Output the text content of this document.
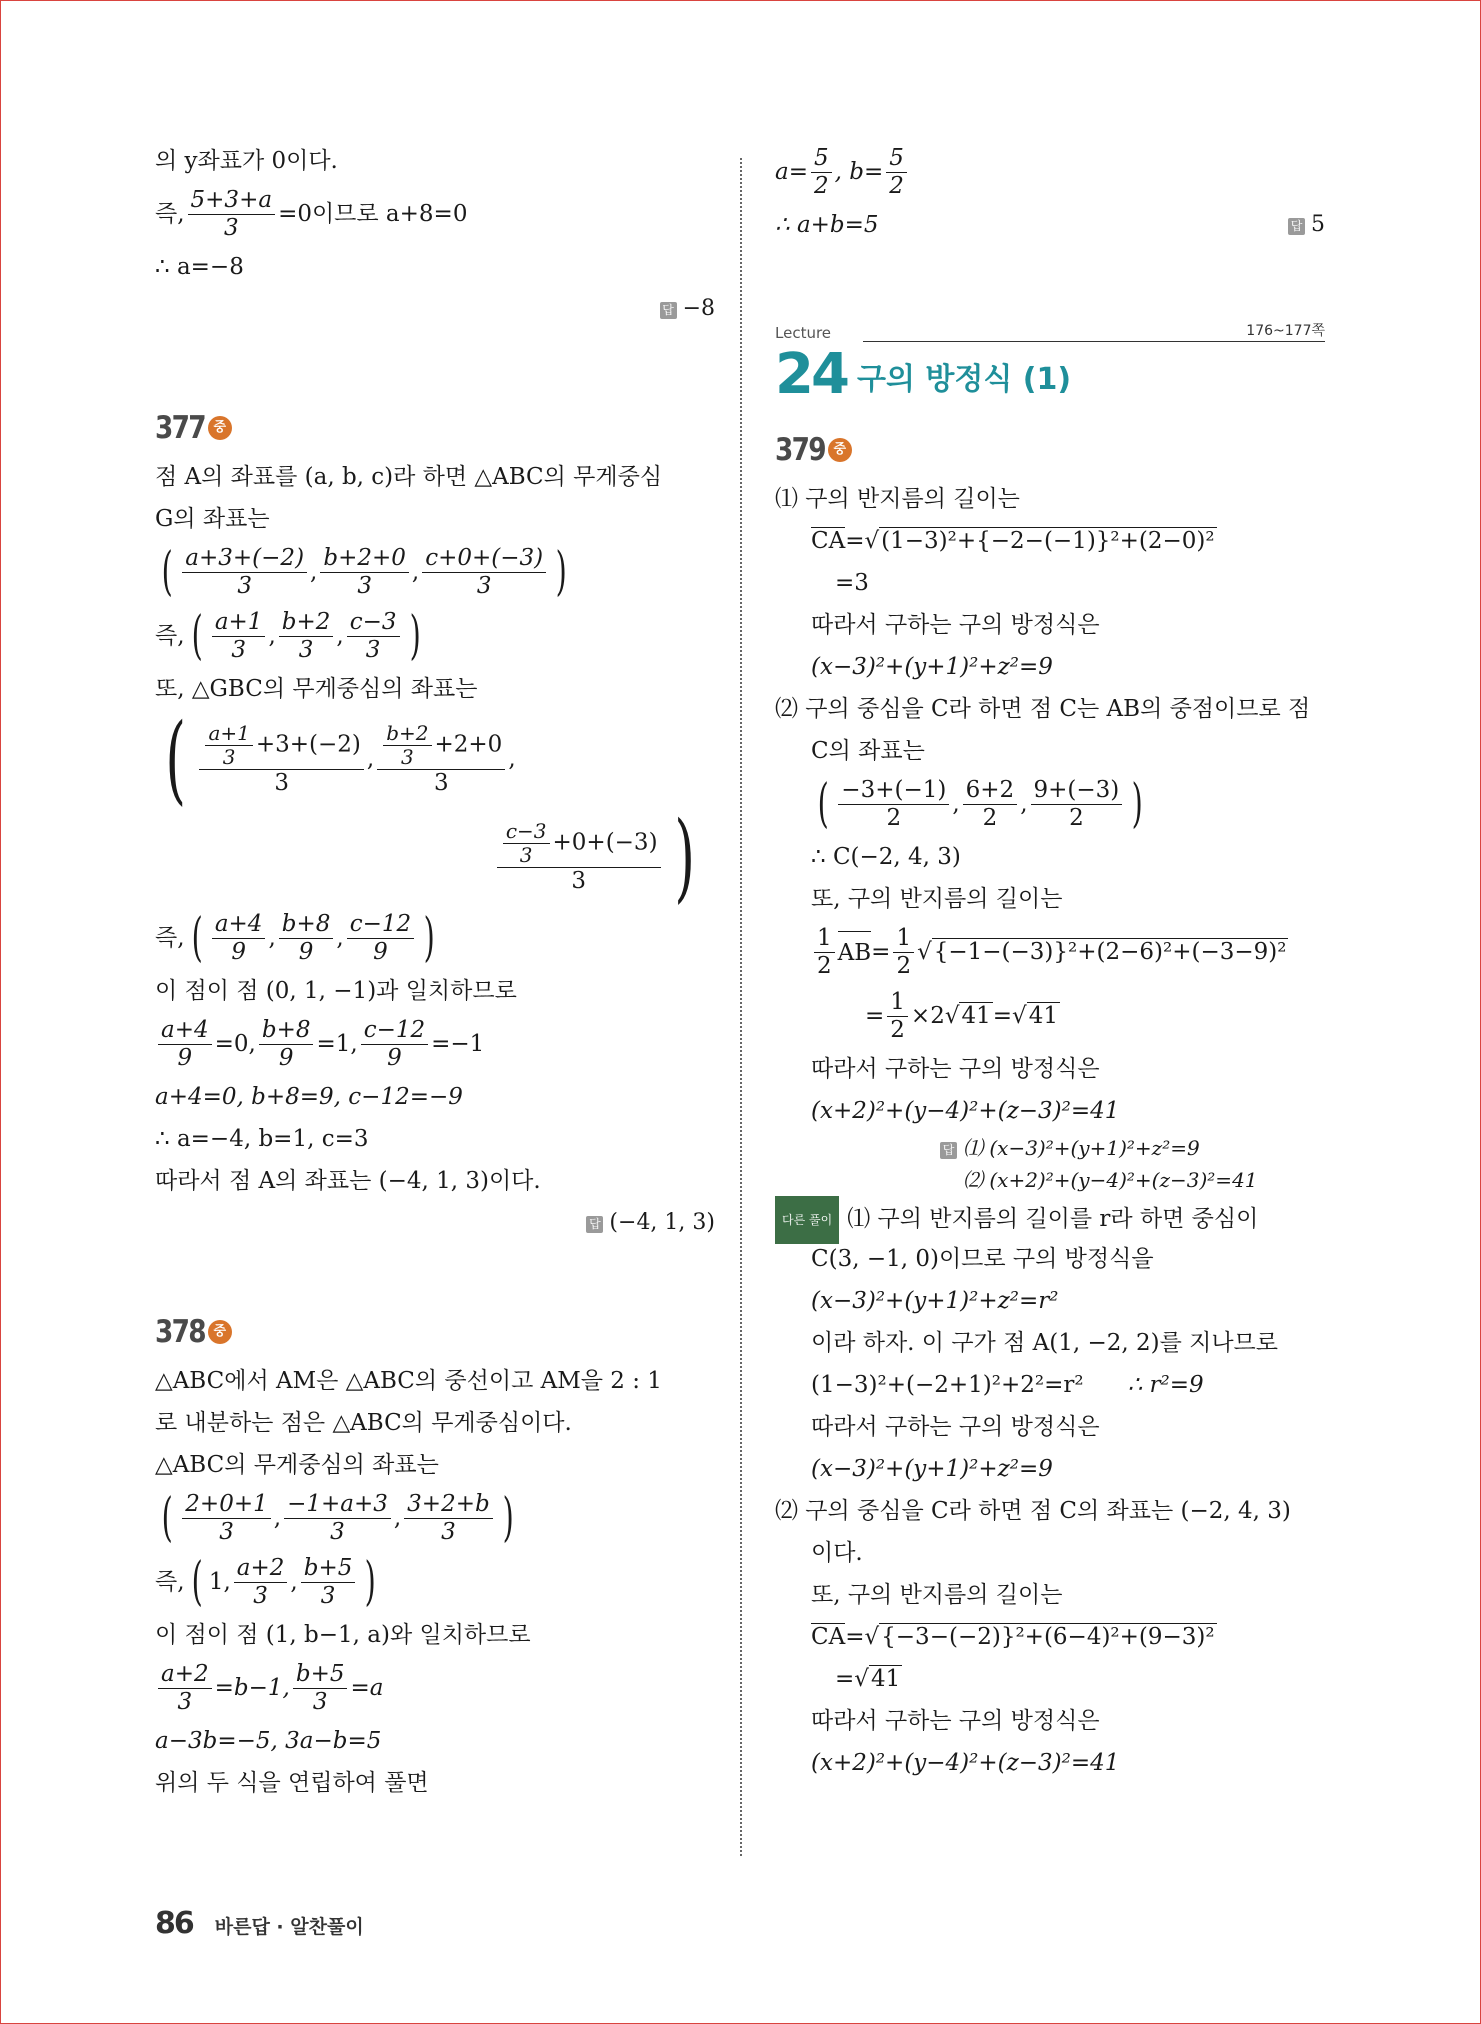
의 y좌표가 0이다.
즉, $\frac{5+3+a}{3} =0$이므로 a+8=0
∴ a=−8
답 −8
377 중
점 A의 좌표를 (a, b, c)라 하면 △ABC의 무게중심
G의 좌표는
( $\frac{a+3+(-2)}{3}$ , $\frac{b+2+0}{3}$ , $\frac{c+0+(-3)}{3}$ )
즉, ( $\frac{a+1}{3}$ , $\frac{b+2}{3}$ , $\frac{c-3}{3}$ )
또, △GBC의 무게중심의 좌표는
( $\frac{\frac{a+1}{3} +3+(-2)}{3}$ , $\frac{\frac{b+2}{3} +2+0}{3}$ ,
$\frac{\frac{c-3}{3} +0+(-3)}{3}$ )
즉, ( $\frac{a+4}{9}$ , $\frac{b+8}{9}$ , $\frac{c-12}{9}$ )
이 점이 점 (0, 1, −1)과 일치하므로
$\frac{a+4}{9} =0$, $\frac{b+8}{9} =1$, $\frac{c-12}{9} =-1$
a+4=0, b+8=9, c−12=−9
∴ a=−4, b=1, c=3
따라서 점 A의 좌표는 (−4, 1, 3)이다.
답 (−4, 1, 3)
378 중
△ABC에서 AM은 △ABC의 중선이고 AM을 2 : 1
로 내분하는 점은 △ABC의 무게중심이다.
△ABC의 무게중심의 좌표는
( $\frac{2+0+1}{3}$ , $\frac{-1+a+3}{3}$ , $\frac{3+2+b}{3}$ )
즉, ( 1, $\frac{a+2}{3}$ , $\frac{b+5}{3}$ )
이 점이 점 (1, b−1, a)와 일치하므로
$\frac{a+2}{3} =b-1$, $\frac{b+5}{3} =a$
a−3b=−5, 3a−b=5
위의 두 식을 연립하여 풀면
$a= \frac{5}{2}$ , $b= \frac{5}{2}$
∴ a+b=5	답 5
Lecture	176~177쪽
24 구의 방정식 (1)
379 중
⑴ 구의 반지름의 길이는
CA=√(1−3)²+{−2−(−1)}²+(2−0)²
=3
따라서 구하는 구의 방정식은
(x−3)²+(y+1)²+z²=9
⑵ 구의 중심을 C라 하면 점 C는 AB의 중점이므로 점
C의 좌표는
( $\frac{-3+(-1)}{2}$ , $\frac{6+2}{2}$ , $\frac{9+(-3)}{2}$ )
∴ C(−2, 4, 3)
또, 구의 반지름의 길이는
$\frac{1}{2}$ AB = $\frac{1}{2} √\{-1-(-3)\}^2+(2-6)^2+(-3-9)^2$
= $\frac{1}{2} \times 2$ √41 = √41
따라서 구하는 구의 방정식은
(x+2)²+(y−4)²+(z−3)²=41
답 ⑴ (x−3)²+(y+1)²+z²=9
⑵ (x+2)²+(y−4)²+(z−3)²=41
다른 풀이 ⑴ 구의 반지름의 길이를 r라 하면 중심이
C(3, −1, 0)이므로 구의 방정식을
(x−3)²+(y+1)²+z²=r²
이라 하자. 이 구가 점 A(1, −2, 2)를 지나므로
(1−3)²+(−2+1)²+2²=r² ∴ r²=9
따라서 구하는 구의 방정식은
(x−3)²+(y+1)²+z²=9
⑵ 구의 중심을 C라 하면 점 C의 좌표는 (−2, 4, 3)
이다.
또, 구의 반지름의 길이는
CA=√{−3−(−2)}²+(6−4)²+(9−3)²
=√41
따라서 구하는 구의 방정식은
(x+2)²+(y−4)²+(z−3)²=41
86 바른답 · 알찬풀이
